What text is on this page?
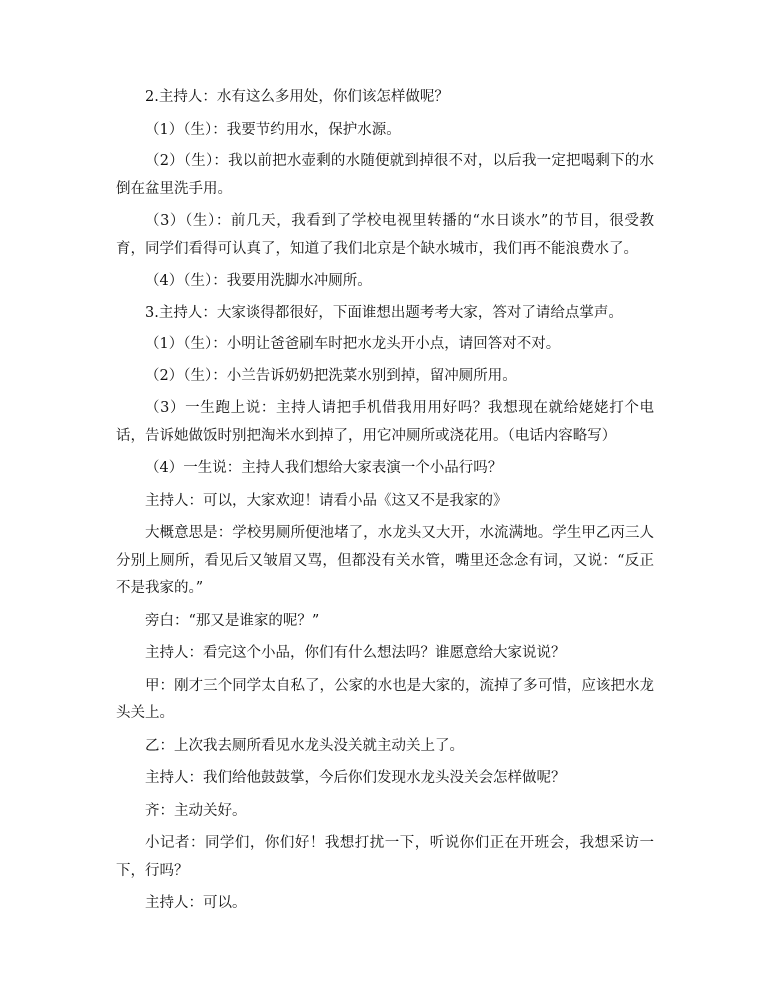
2.主持人：水有这么多用处，你们该怎样做呢？

（1）（生）：我要节约用水，保护水源。

（2）（生）：我以前把水壶剩的水随便就到掉很不对，以后我一定把喝剩下的水倒在盆里洗手用。

（3）（生）：前几天，我看到了学校电视里转播的“水日谈水”的节目，很受教育，同学们看得可认真了，知道了我们北京是个缺水城市，我们再不能浪费水了。

（4）（生）：我要用洗脚水冲厕所。

3.主持人：大家谈得都很好，下面谁想出题考考大家，答对了请给点掌声。

（1）（生）：小明让爸爸刷车时把水龙头开小点，请回答对不对。

（2）（生）：小兰告诉奶奶把洗菜水别到掉，留冲厕所用。

（3）一生跑上说：主持人请把手机借我用用好吗？我想现在就给姥姥打个电话，告诉她做饭时别把淘米水到掉了，用它冲厕所或浇花用。（电话内容略写）

（4）一生说：主持人我们想给大家表演一个小品行吗？

主持人：可以，大家欢迎！请看小品《这又不是我家的》

大概意思是：学校男厕所便池堵了，水龙头又大开，水流满地。学生甲乙丙三人分别上厕所，看见后又皱眉又骂，但都没有关水管，嘴里还念念有词，又说：“反正不是我家的。”

旁白：“那又是谁家的呢？”

主持人：看完这个小品，你们有什么想法吗？谁愿意给大家说说？

甲：刚才三个同学太自私了，公家的水也是大家的，流掉了多可惜，应该把水龙头关上。

乙：上次我去厕所看见水龙头没关就主动关上了。

主持人：我们给他鼓鼓掌，今后你们发现水龙头没关会怎样做呢？

齐：主动关好。

小记者：同学们，你们好！我想打扰一下，听说你们正在开班会，我想采访一下，行吗？

主持人：可以。
